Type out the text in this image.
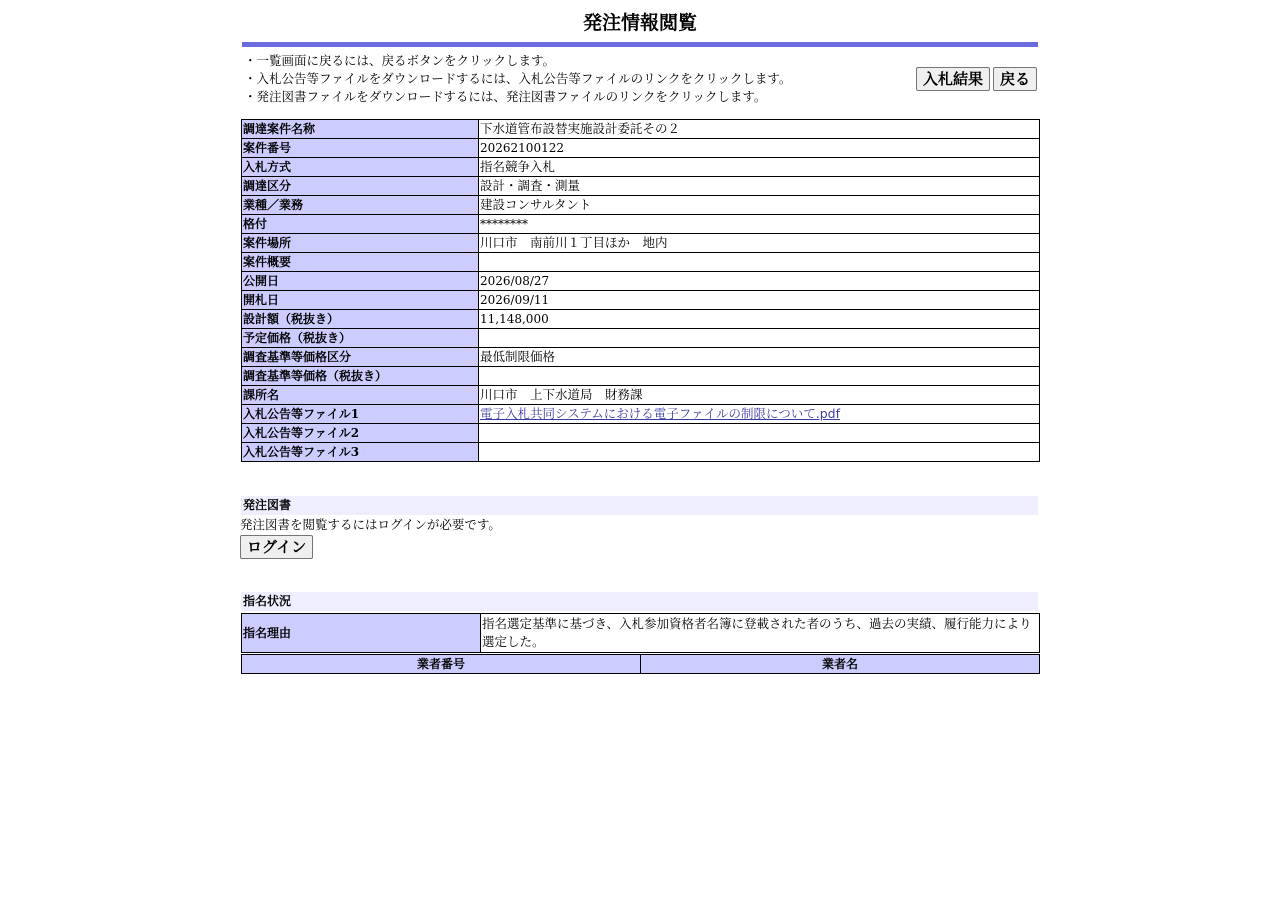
発注情報閲覧
・一覧画面に戻るには、戻るボタンをクリックします。
・入札公告等ファイルをダウンロードするには、入札公告等ファイルのリンクをクリックします。
・発注図書ファイルをダウンロードするには、発注図書ファイルのリンクをクリックします。
入札結果	戻る
調達案件名称	下水道管布設替実施設計委託その２
案件番号	20262100122
入札方式	指名競争入札
調達区分	設計・調査・測量
業種／業務	建設コンサルタント
格付	********
案件場所	川口市　南前川１丁目ほか　地内
案件概要	
公開日	2026/08/27
開札日	2026/09/11
設計額（税抜き）	11,148,000
予定価格（税抜き）	
調査基準等価格区分	最低制限価格
調査基準等価格（税抜き）	
課所名	川口市　上下水道局　財務課
入札公告等ファイル1	電子入札共同システムにおける電子ファイルの制限について.pdf
入札公告等ファイル2	
入札公告等ファイル3	
発注図書
発注図書を閲覧するにはログインが必要です。
ログイン
指名状況
指名理由	指名選定基準に基づき、入札参加資格者名簿に登載された者のうち、過去の実績、履行能力により選定した。
業者番号	業者名
